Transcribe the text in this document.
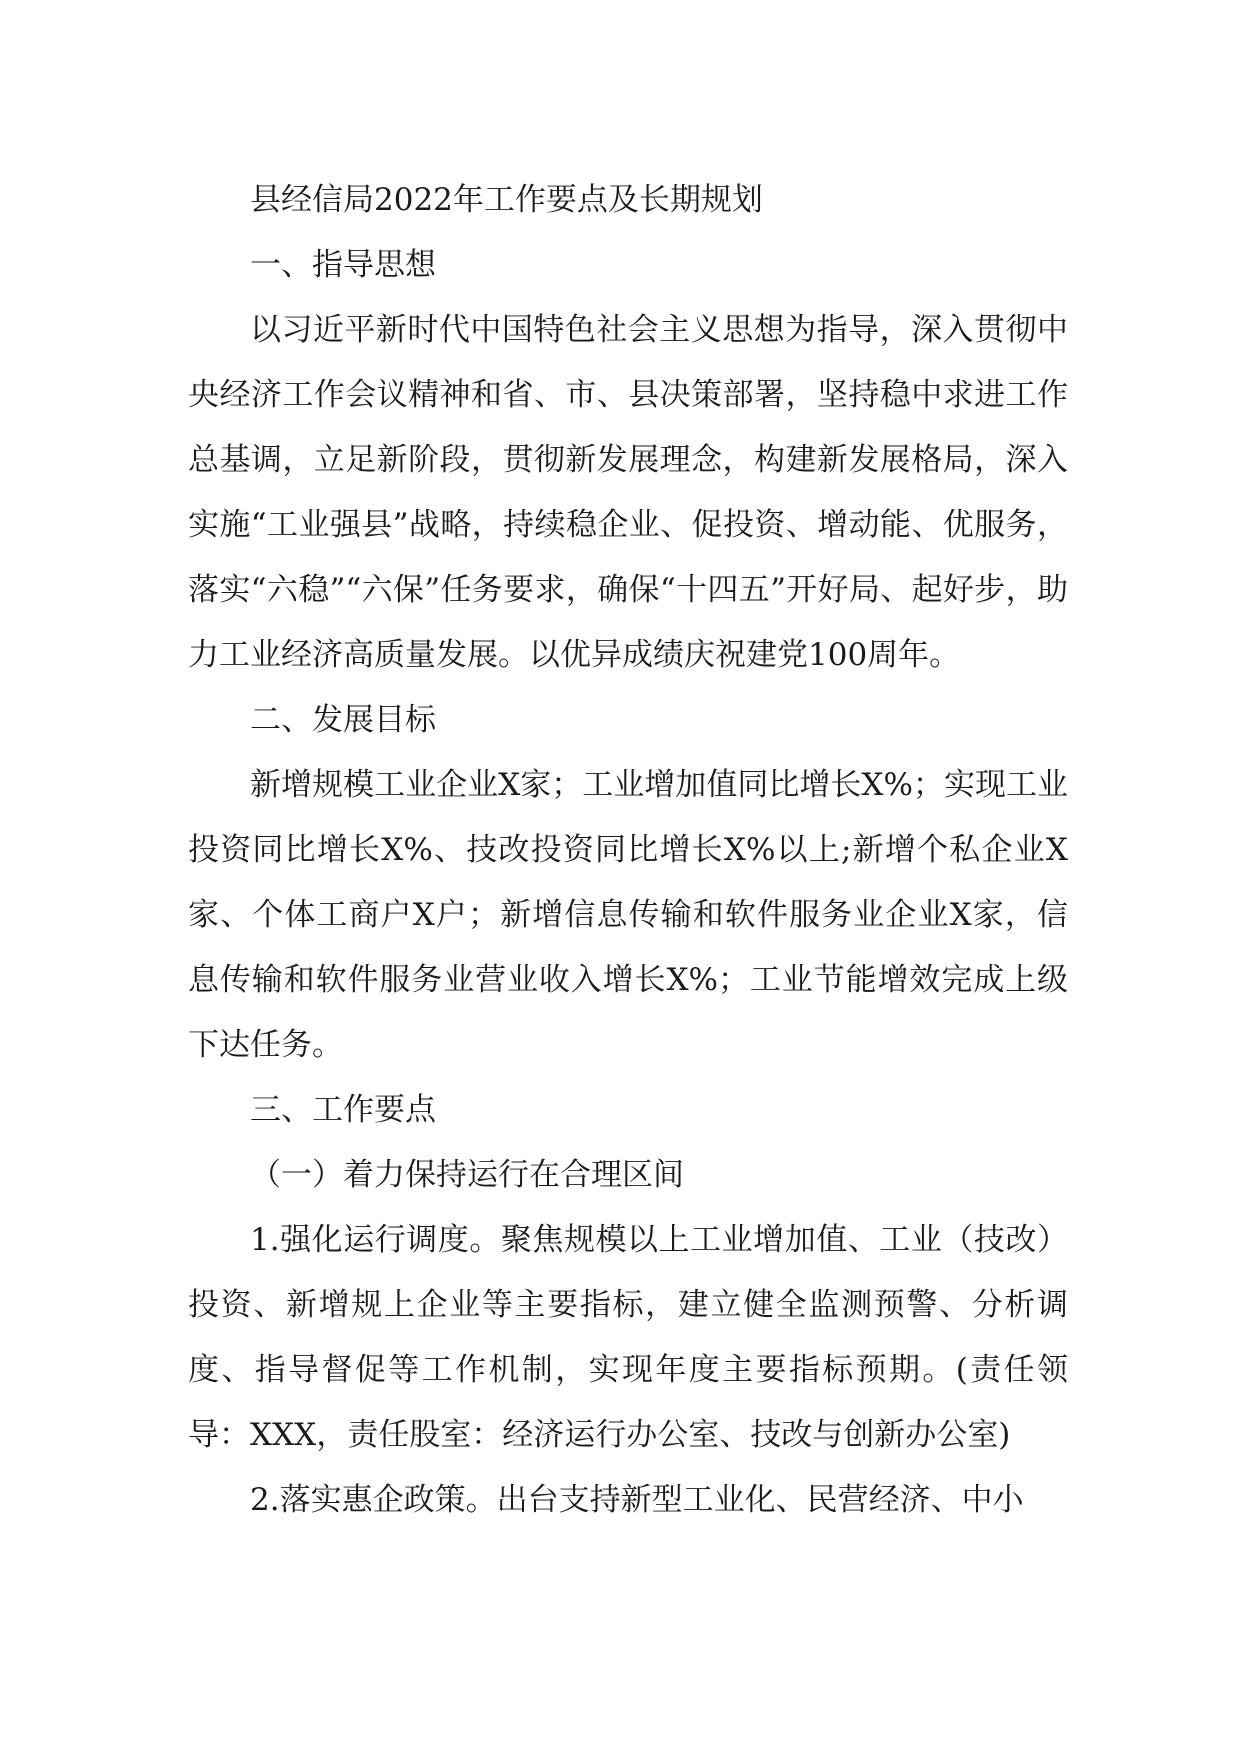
县经信局2022年工作要点及长期规划

一、指导思想

以习近平新时代中国特色社会主义思想为指导，深入贯彻中央经济工作会议精神和省、市、县决策部署，坚持稳中求进工作总基调，立足新阶段，贯彻新发展理念，构建新发展格局，深入实施“工业强县”战略，持续稳企业、促投资、增动能、优服务，落实“六稳”“六保”任务要求，确保“十四五”开好局、起好步，助力工业经济高质量发展。以优异成绩庆祝建党100周年。

二、发展目标

新增规模工业企业X家；工业增加值同比增长X%；实现工业投资同比增长X%、技改投资同比增长X%以上;新增个私企业X家、个体工商户X户；新增信息传输和软件服务业企业X家，信息传输和软件服务业营业收入增长X%；工业节能增效完成上级下达任务。

三、工作要点

（一）着力保持运行在合理区间

1.强化运行调度。聚焦规模以上工业增加值、工业（技改）投资、新增规上企业等主要指标，建立健全监测预警、分析调度、指导督促等工作机制，实现年度主要指标预期。(责任领导：XXX，责任股室：经济运行办公室、技改与创新办公室)

2.落实惠企政策。出台支持新型工业化、民营经济、中小
